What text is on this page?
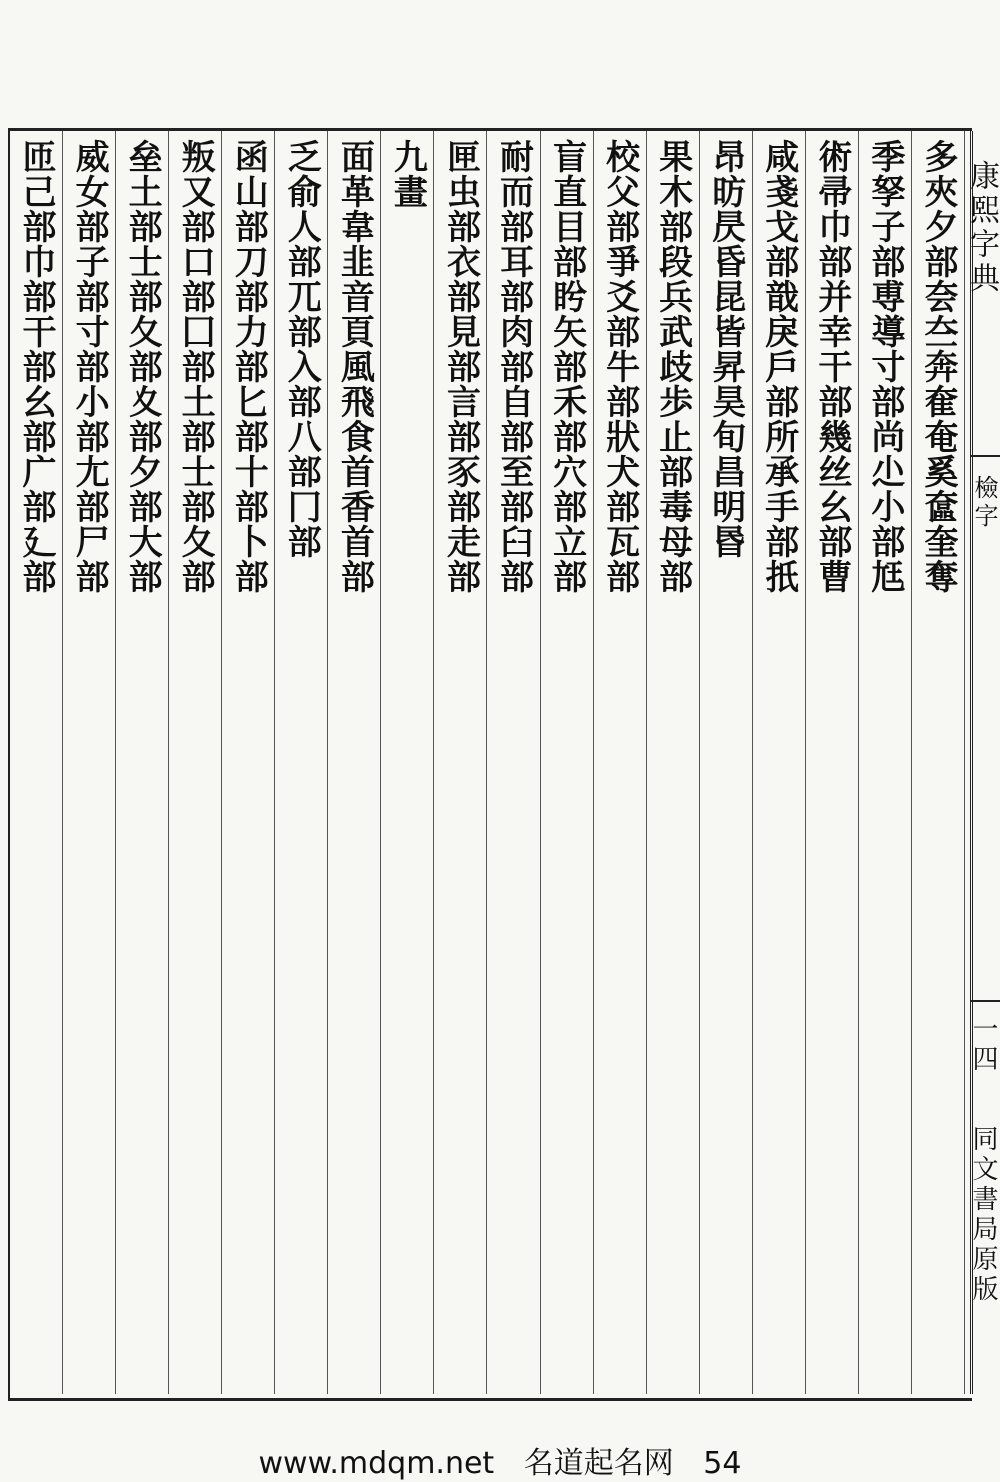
多夾夕部夽夳奔奞奄奚奩奎奪
季孥子部尃導寸部尚尐小部尪
術帚巾部并幸干部幾丝幺部曹
咸戔戈部戠戾戶部所承手部扺
昂昉昃昏昆皆昇昊旬昌明昬
果木部段兵武歧歩止部毒母部
校父部爭爻部牛部狀犬部瓦部
盲直目部盻矢部禾部穴部立部
耐而部耳部肉部自部至部臼部
匣虫部衣部見部言部豕部走部
九畫
面革韋韭音頁風飛食首香首部
乏俞人部兀部入部八部冂部
函山部刀部力部匕部十部卜部
叛又部口部囗部土部士部夂部
垒土部士部夂部夊部夕部大部
威女部子部寸部小部尢部尸部
匝己部巾部干部幺部广部廴部	康熙字典
檢字
一四
同文書局原版
www.mdqm.net 名道起名网 54
